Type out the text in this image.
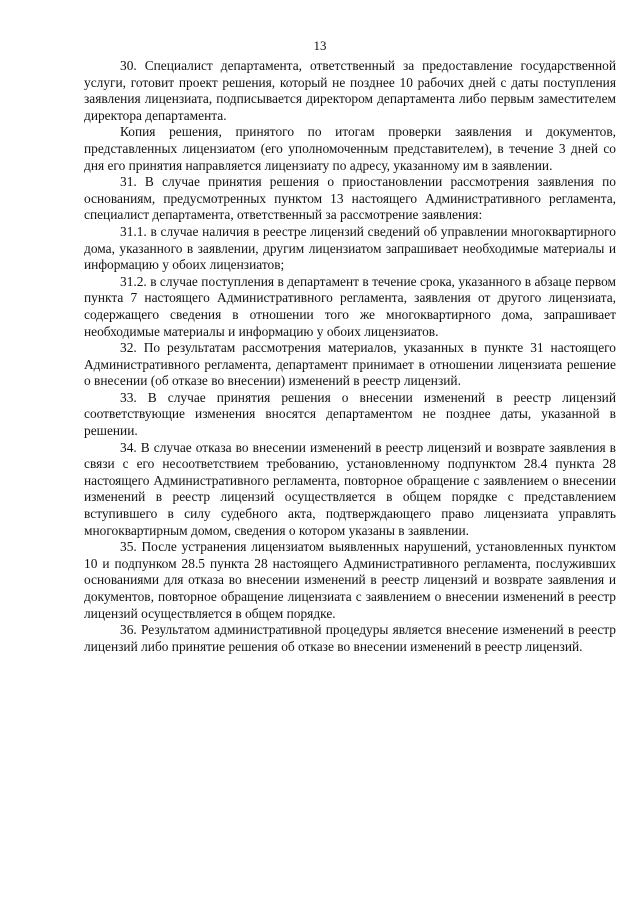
13

30. Специалист департамента, ответственный за предоставление государственной услуги, готовит проект решения, который не позднее 10 рабочих дней с даты поступления заявления лицензиата, подписывается директором департамента либо первым заместителем директора департамента.

Копия решения, принятого по итогам проверки заявления и документов, представленных лицензиатом (его уполномоченным представителем), в течение 3 дней со дня его принятия направляется лицензиату по адресу, указанному им в заявлении.

31. В случае принятия решения о приостановлении рассмотрения заявления по основаниям, предусмотренных пунктом 13 настоящего Административного регламента, специалист департамента, ответственный за рассмотрение заявления:

31.1. в случае наличия в реестре лицензий сведений об управлении многоквартирного дома, указанного в заявлении, другим лицензиатом запрашивает необходимые материалы и информацию у обоих лицензиатов;

31.2. в случае поступления в департамент в течение срока, указанного в абзаце первом пункта 7 настоящего Административного регламента, заявления от другого лицензиата, содержащего сведения в отношении того же многоквартирного дома, запрашивает необходимые материалы и информацию у обоих лицензиатов.

32. По результатам рассмотрения материалов, указанных в пункте 31 настоящего Административного регламента, департамент принимает в отношении лицензиата решение о внесении (об отказе во внесении) изменений в реестр лицензий.

33. В случае принятия решения о внесении изменений в реестр лицензий соответствующие изменения вносятся департаментом не позднее даты, указанной в решении.

34. В случае отказа во внесении изменений в реестр лицензий и возврате заявления в связи с его несоответствием требованию, установленному подпунктом 28.4 пункта 28 настоящего Административного регламента, повторное обращение с заявлением о внесении изменений в реестр лицензий осуществляется в общем порядке с представлением вступившего в силу судебного акта, подтверждающего право лицензиата управлять многоквартирным домом, сведения о котором указаны в заявлении.

35. После устранения лицензиатом выявленных нарушений, установленных пунктом 10 и подпунком 28.5 пункта 28 настоящего Административного регламента, послуживших основаниями для отказа во внесении изменений в реестр лицензий и возврате заявления и документов, повторное обращение лицензиата с заявлением о внесении изменений в реестр лицензий осуществляется в общем порядке.

36. Результатом административной процедуры является внесение изменений в реестр лицензий либо принятие решения об отказе во внесении изменений в реестр лицензий.
